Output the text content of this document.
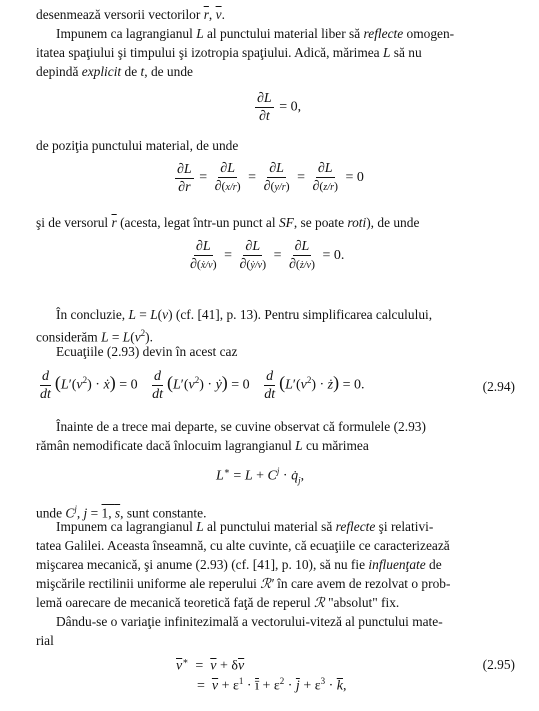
desenmează versorii vectorilor $\overline{r}$, $\overline{v}$.
Impunem ca lagrangianul L al punctului material liber să reflecte omogen-
itatea spaţiului şi timpului şi izotropia spaţiului. Adică, mărimea L să nu
depindă explicit de t, de unde
$\frac{\partial L}{\partial t} = 0$,
de poziţia punctului material, de unde
$\frac{\partial L}{\partial r} = \frac{\partial L}{\partial(x/r)} = \frac{\partial L}{\partial(y/r)} = \frac{\partial L}{\partial(z/r)} = 0$
şi de versorul $\overline{r}$ (acesta, legat într-un punct al SF, se poate roti), de unde
$\frac{\partial L}{\text{∂(ẋ/v)}} = \frac{\partial L}{\text{∂(ẏ/v)}} = \frac{\partial L}{\partial(ż/v)} = 0$.
În concluzie, L = L(v) (cf. [41], p. 13). Pentru simplificarea calculului,
considerăm $L = L(v^2)$.
Ecuaţiile (2.93) devin în acest caz
$\frac{d}{dt} (L'(v^2)$ · ẋ) = $0 \frac{d}{dt} (L'(v^2)$ · ẏ) = $0 \frac{d}{dt} (L'(v^2)$ · ż) = 0.	(2.94)
Înainte de a trece mai departe, se cuvine observat că formulele (2.93)
rămân nemodificate dacă înlocuim lagrangianul L cu mărimea
$L^∗ = L + C^j$ · $q̇_j$,
unde $C^j$, j = 1, s, sunt constante.
Impunem ca lagrangianul L al punctului material să reflecte şi relativi-
tatea Galilei. Aceasta înseamnă, cu alte cuvinte, că ecuaţiile ce caracterizează
mişcarea mecanică, şi anume (2.93) (cf. [41], p. 10), să nu fie influenţate de
mişcările rectilinii uniforme ale reperului ℛ′ în care avem de rezolvat o prob-
lemă oarecare de mecanică teoretică faţă de reperul ℛ "absolut" fix.
Dându-se o variaţie infinitezimală a vectorului-viteză al punctului mate-
rial
$\overline{v}^∗ = \overline{v} + \delta\overline{v}$	(2.95)
=  $\overline{v} + \varepsilon^1 \cdot \overline{ī} + \varepsilon^2 \cdot \overline{j} + \varepsilon^3 \cdot \overline{k}$,
